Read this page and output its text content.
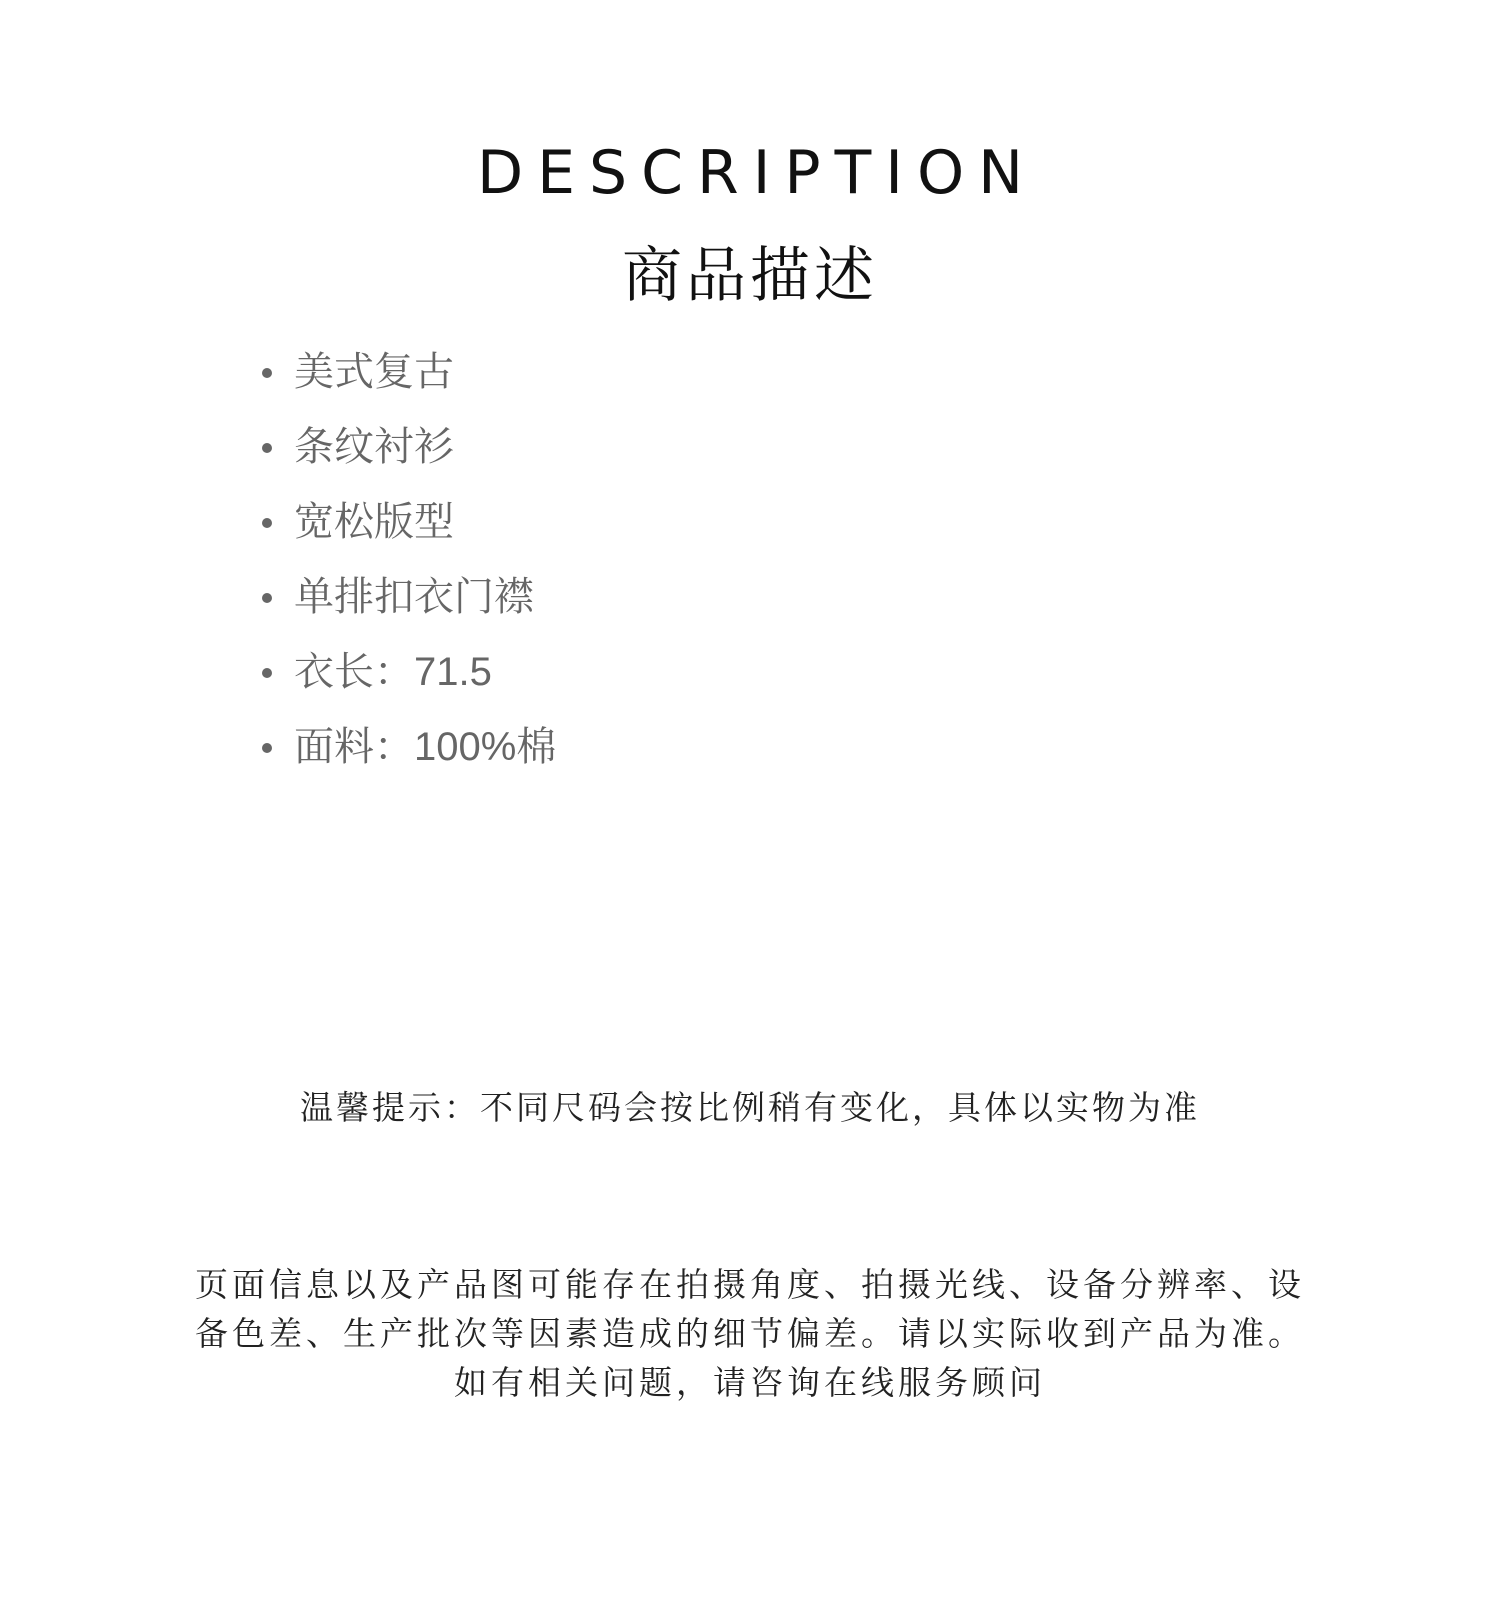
DESCRIPTION
商品描述
美式复古
条纹衬衫
宽松版型
单排扣衣门襟
衣长：71.5
面料：100%棉
温馨提示：不同尺码会按比例稍有变化，具体以实物为准
页面信息以及产品图可能存在拍摄角度、拍摄光线、设备分辨率、设
备色差、生产批次等因素造成的细节偏差。请以实际收到产品为准。
如有相关问题，请咨询在线服务顾问
